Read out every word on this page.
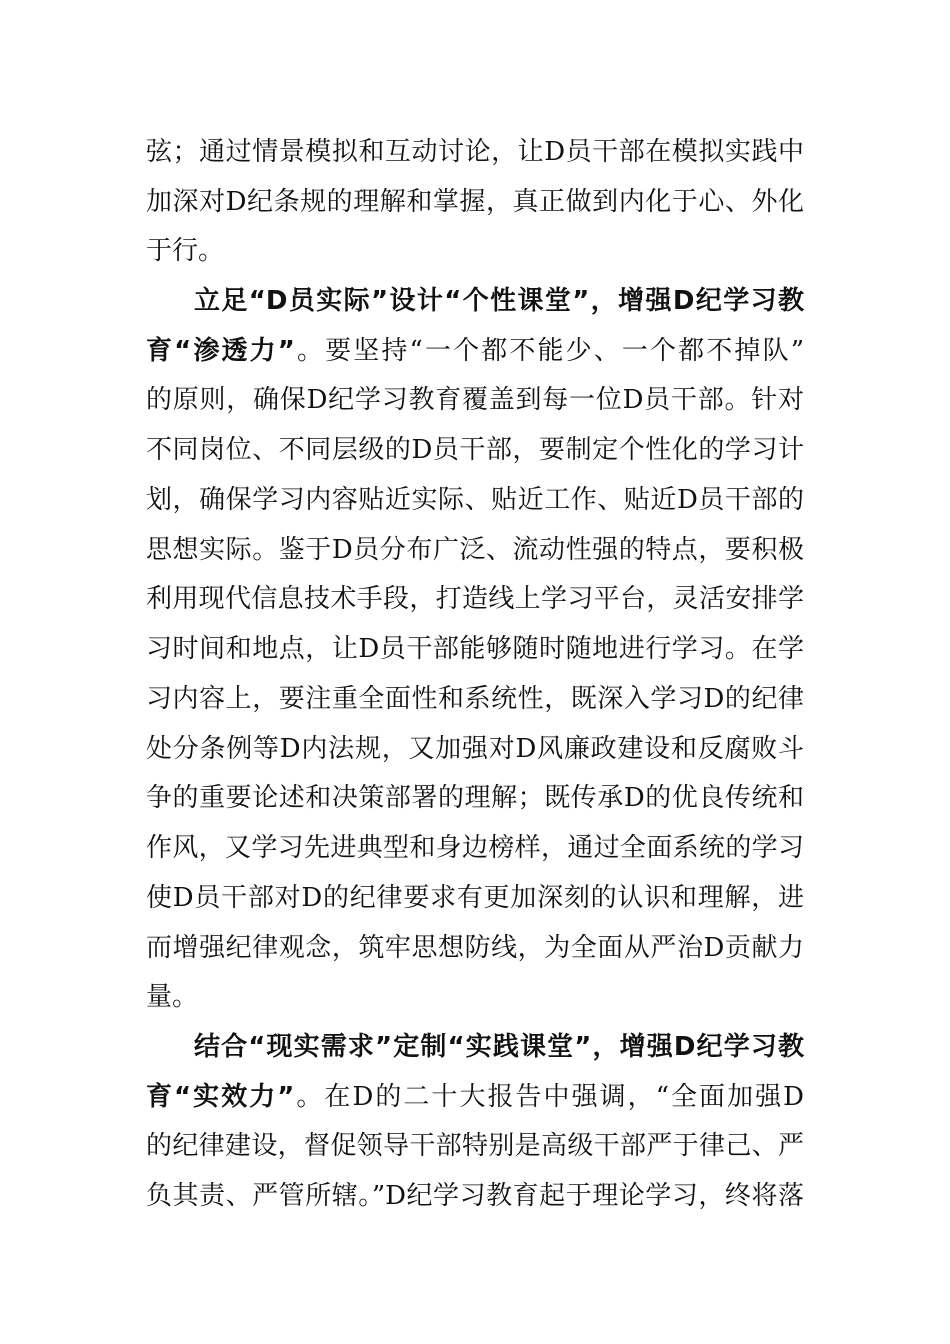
弦；通过情景模拟和互动讨论，让D员干部在模拟实践中
加深对D纪条规的理解和掌握，真正做到内化于心、外化
于行。
立足“D员实际”设计“个性课堂”，增强D纪学习教
育“渗透力”。要坚持“一个都不能少、一个都不掉队”
的原则，确保D纪学习教育覆盖到每一位D员干部。针对
不同岗位、不同层级的D员干部，要制定个性化的学习计
划，确保学习内容贴近实际、贴近工作、贴近D员干部的
思想实际。鉴于D员分布广泛、流动性强的特点，要积极
利用现代信息技术手段，打造线上学习平台，灵活安排学
习时间和地点，让D员干部能够随时随地进行学习。在学
习内容上，要注重全面性和系统性，既深入学习D的纪律
处分条例等D内法规，又加强对D风廉政建设和反腐败斗
争的重要论述和决策部署的理解；既传承D的优良传统和
作风，又学习先进典型和身边榜样，通过全面系统的学习
使D员干部对D的纪律要求有更加深刻的认识和理解，进
而增强纪律观念，筑牢思想防线，为全面从严治D贡献力
量。
结合“现实需求”定制“实践课堂”，增强D纪学习教
育“实效力”。在D的二十大报告中强调，“全面加强D
的纪律建设，督促领导干部特别是高级干部严于律己、严
负其责、严管所辖。”D纪学习教育起于理论学习，终将落
